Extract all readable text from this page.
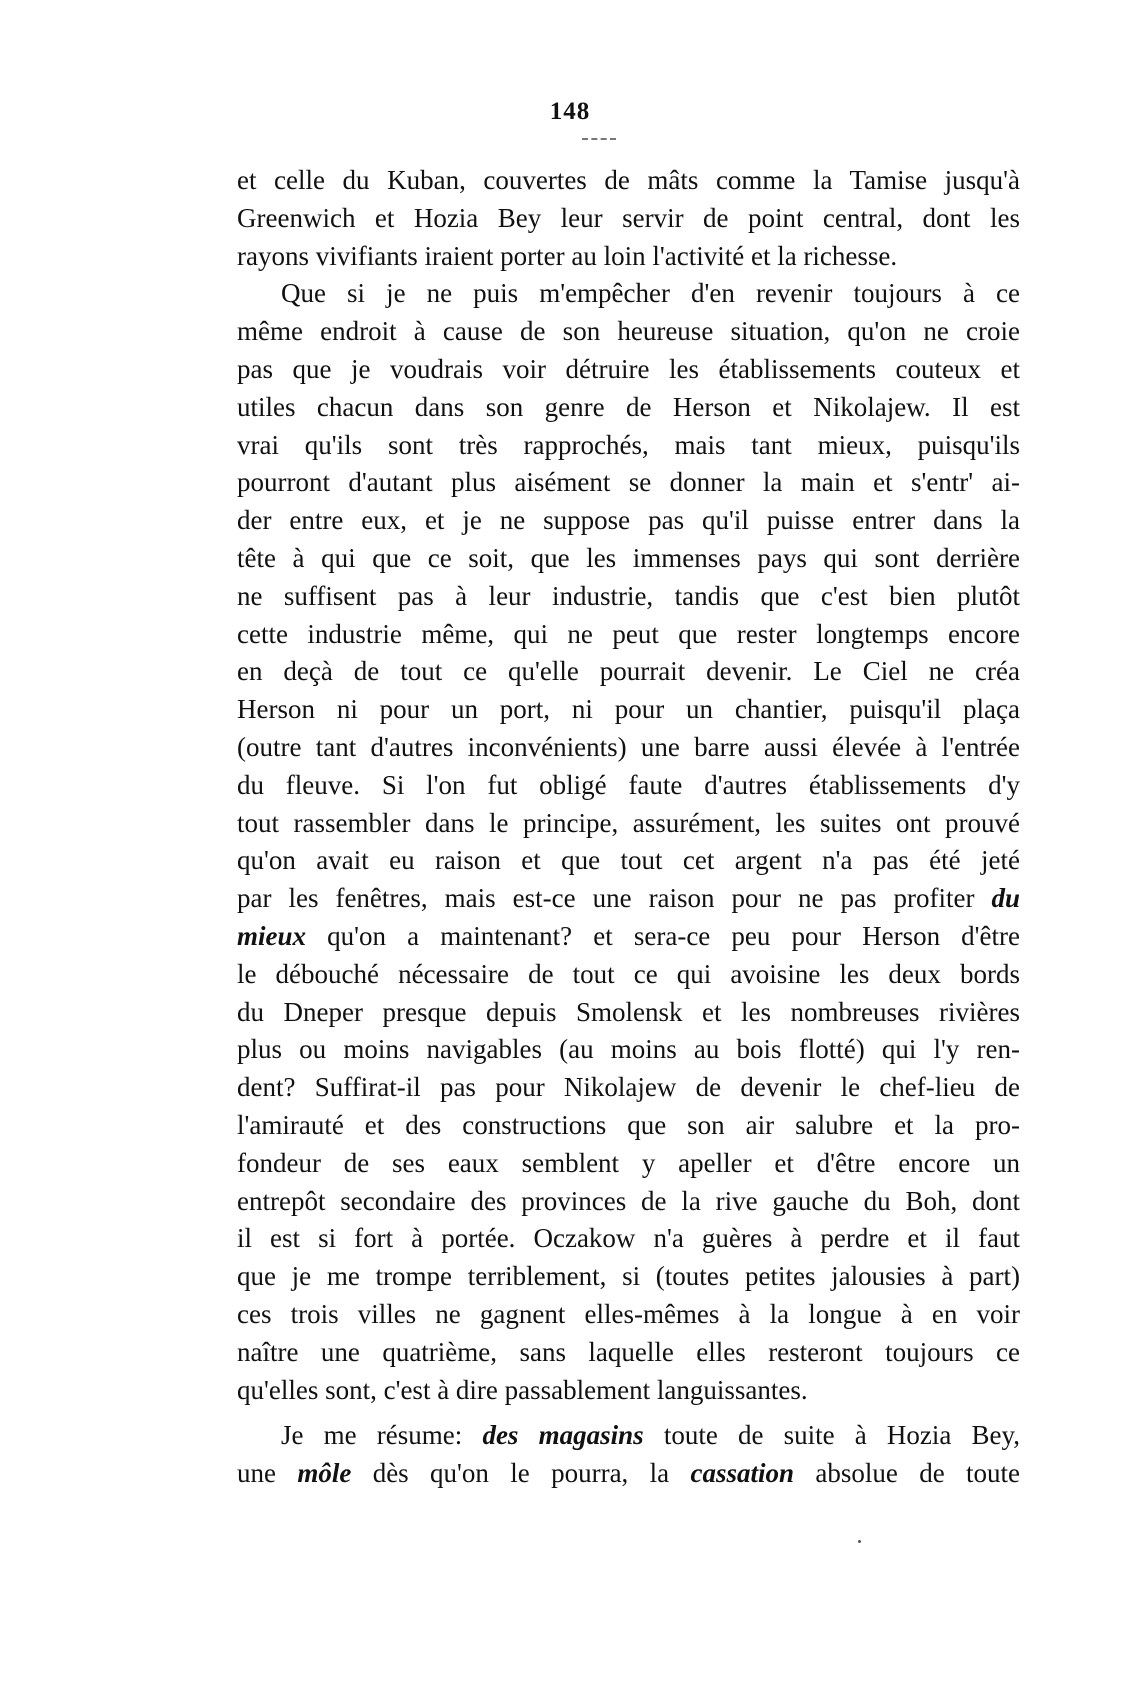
148
et celle du Kuban, couvertes de mâts comme la Tamise jusqu'à
Greenwich et Hozia Bey leur servir de point central, dont les
rayons vivifiants iraient porter au loin l'activité et la richesse.
Que si je ne puis m'empêcher d'en revenir toujours à ce
même endroit à cause de son heureuse situation, qu'on ne croie
pas que je voudrais voir détruire les établissements couteux et
utiles chacun dans son genre de Herson et Nikolajew. Il est
vrai qu'ils sont très rapprochés, mais tant mieux, puisqu'ils
pourront d'autant plus aisément se donner la main et s'entr' ai-
der entre eux, et je ne suppose pas qu'il puisse entrer dans la
tête à qui que ce soit, que les immenses pays qui sont derrière
ne suffisent pas à leur industrie, tandis que c'est bien plutôt
cette industrie même, qui ne peut que rester longtemps encore
en deçà de tout ce qu'elle pourrait devenir. Le Ciel ne créa
Herson ni pour un port, ni pour un chantier, puisqu'il plaça
(outre tant d'autres inconvénients) une barre aussi élevée à l'entrée
du fleuve. Si l'on fut obligé faute d'autres établissements d'y
tout rassembler dans le principe, assurément, les suites ont prouvé
qu'on avait eu raison et que tout cet argent n'a pas été jeté
par les fenêtres, mais est-ce une raison pour ne pas profiter du
mieux qu'on a maintenant? et sera-ce peu pour Herson d'être
le débouché nécessaire de tout ce qui avoisine les deux bords
du Dneper presque depuis Smolensk et les nombreuses rivières
plus ou moins navigables (au moins au bois flotté) qui l'y ren-
dent? Suffirat-il pas pour Nikolajew de devenir le chef-lieu de
l'amirauté et des constructions que son air salubre et la pro-
fondeur de ses eaux semblent y apeller et d'être encore un
entrepôt secondaire des provinces de la rive gauche du Boh, dont
il est si fort à portée. Oczakow n'a guères à perdre et il faut
que je me trompe terriblement, si (toutes petites jalousies à part)
ces trois villes ne gagnent elles-mêmes à la longue à en voir
naître une quatrième, sans laquelle elles resteront toujours ce
qu'elles sont, c'est à dire passablement languissantes.
Je me résume: des magasins toute de suite à Hozia Bey,
une môle dès qu'on le pourra, la cassation absolue de toute
